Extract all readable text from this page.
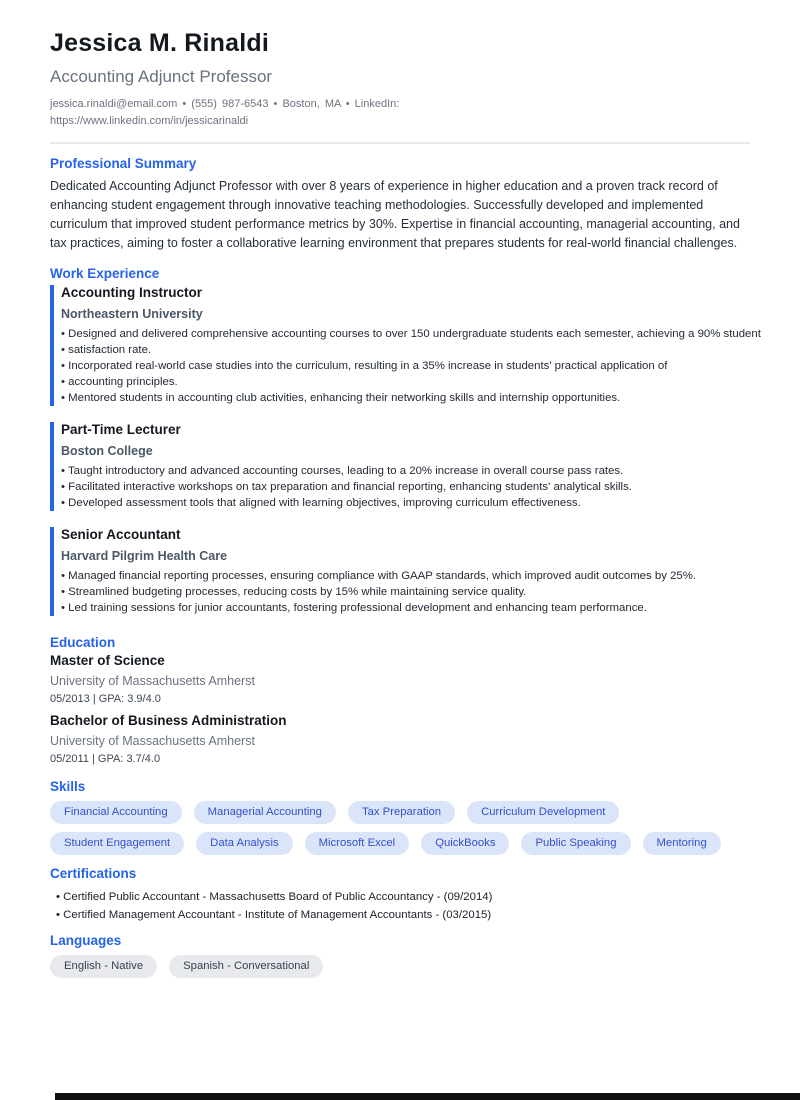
Jessica M. Rinaldi
Accounting Adjunct Professor
jessica.rinaldi@email.com • (555) 987-6543 • Boston, MA • LinkedIn:
https://www.linkedin.com/in/jessicarinaldi
Professional Summary

Dedicated Accounting Adjunct Professor with over 8 years of experience in higher education and a proven track record of enhancing student engagement through innovative teaching methodologies. Successfully developed and implemented curriculum that improved student performance metrics by 30%. Expertise in financial accounting, managerial accounting, and tax practices, aiming to foster a collaborative learning environment that prepares students for real-world financial challenges.

Work Experience
Accounting Instructor
Northeastern University
• Designed and delivered comprehensive accounting courses to over 150 undergraduate students each semester, achieving a 90% student
• satisfaction rate.
• Incorporated real-world case studies into the curriculum, resulting in a 35% increase in students' practical application of
• accounting principles.
• Mentored students in accounting club activities, enhancing their networking skills and internship opportunities.
Part-Time Lecturer
Boston College
• Taught introductory and advanced accounting courses, leading to a 20% increase in overall course pass rates.
• Facilitated interactive workshops on tax preparation and financial reporting, enhancing students' analytical skills.
• Developed assessment tools that aligned with learning objectives, improving curriculum effectiveness.
Senior Accountant
Harvard Pilgrim Health Care
• Managed financial reporting processes, ensuring compliance with GAAP standards, which improved audit outcomes by 25%.
• Streamlined budgeting processes, reducing costs by 15% while maintaining service quality.
• Led training sessions for junior accountants, fostering professional development and enhancing team performance.
Education
Master of Science
University of Massachusetts Amherst
05/2013 | GPA: 3.9/4.0
Bachelor of Business Administration
University of Massachusetts Amherst
05/2011 | GPA: 3.7/4.0
Skills
Financial Accounting	Managerial Accounting	Tax Preparation	Curriculum Development
Student Engagement	Data Analysis	Microsoft Excel	QuickBooks	Public Speaking	Mentoring
Certifications
• Certified Public Accountant - Massachusetts Board of Public Accountancy - (09/2014)
• Certified Management Accountant - Institute of Management Accountants - (03/2015)
Languages
English - Native	Spanish - Conversational
